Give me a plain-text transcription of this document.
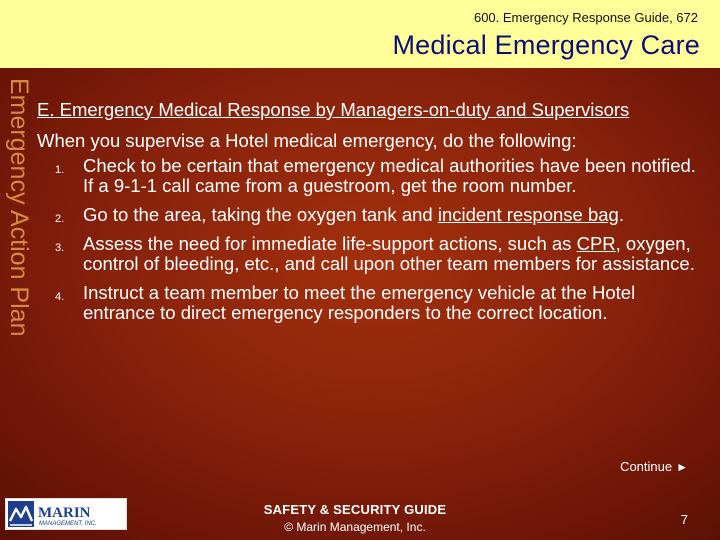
600. Emergency Response Guide, 672
Medical Emergency Care
Emergency Action Plan E. Emergency Medical Response by Managers-on-duty and Supervisors
When you supervise a Hotel medical emergency, do the following:
1. Check to be certain that emergency medical authorities have been notified. If a 9-1-1 call came from a guestroom, get the room number.
2. Go to the area, taking the oxygen tank and incident response bag.
3. Assess the need for immediate life-support actions, such as CPR, oxygen, control of bleeding, etc., and call upon other team members for assistance.
4. Instruct a team member to meet the emergency vehicle at the Hotel entrance to direct emergency responders to the correct location.
Continue ►
MARIN
MANAGEMENT, INC.
SAFETY & SECURITY GUIDE
© Marin Management, Inc.	7
